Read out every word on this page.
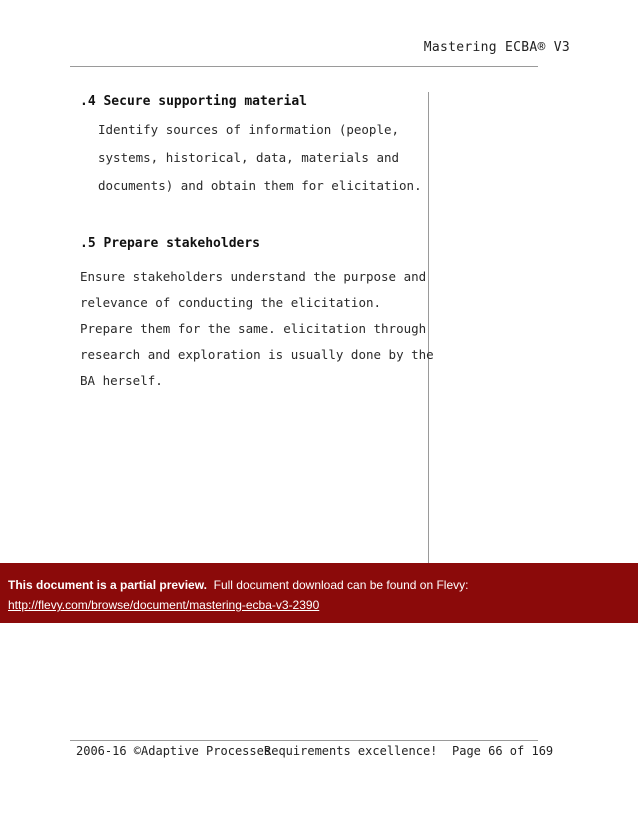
Mastering ECBA® V3
.4 Secure supporting material

Identify sources of information (people,

systems, historical, data, materials and

documents) and obtain them for elicitation.

.5 Prepare stakeholders

Ensure stakeholders understand the purpose and

relevance of conducting the elicitation.

Prepare them for the same. elicitation through

research and exploration is usually done by the

BA herself.

This document is a partial preview. Full document download can be found on Flevy:
http://flevy.com/browse/document/mastering-ecba-v3-2390
2006-16 ©Adaptive Processes
Requirements excellence! Page 66 of 169
